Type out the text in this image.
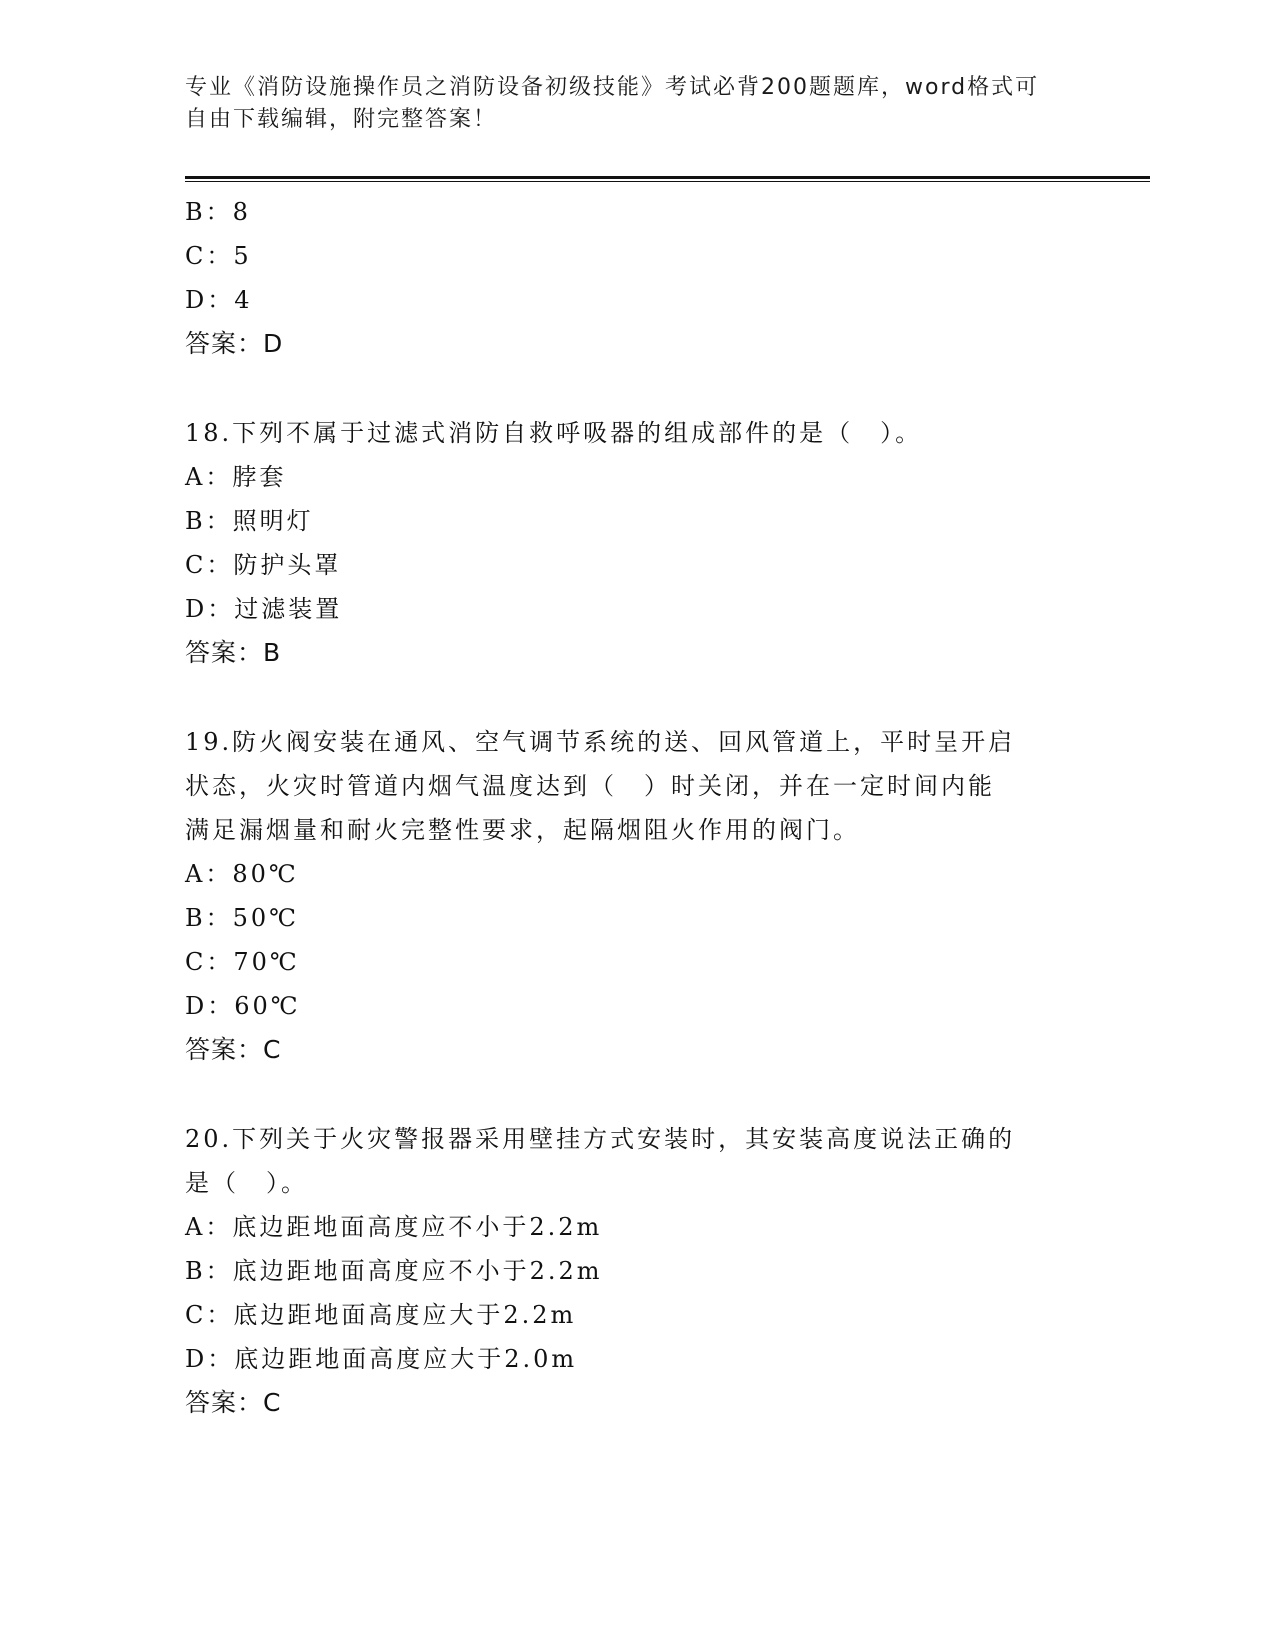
专业《消防设施操作员之消防设备初级技能》考试必背200题题库，word格式可
自由下载编辑，附完整答案！
B：8
C：5
D：4
答案：D
18.下列不属于过滤式消防自救呼吸器的组成部件的是（　）。
A：脖套
B：照明灯
C：防护头罩
D：过滤装置
答案：B
19.防火阀安装在通风、空气调节系统的送、回风管道上，平时呈开启
状态，火灾时管道内烟气温度达到（　）时关闭，并在一定时间内能
满足漏烟量和耐火完整性要求，起隔烟阻火作用的阀门。
A：80℃
B：50℃
C：70℃
D：60℃
答案：C
20.下列关于火灾警报器采用壁挂方式安装时，其安装高度说法正确的
是（　）。
A：底边距地面高度应不小于2.2m
B：底边距地面高度应不小于2.2m
C：底边距地面高度应大于2.2m
D：底边距地面高度应大于2.0m
答案：C
